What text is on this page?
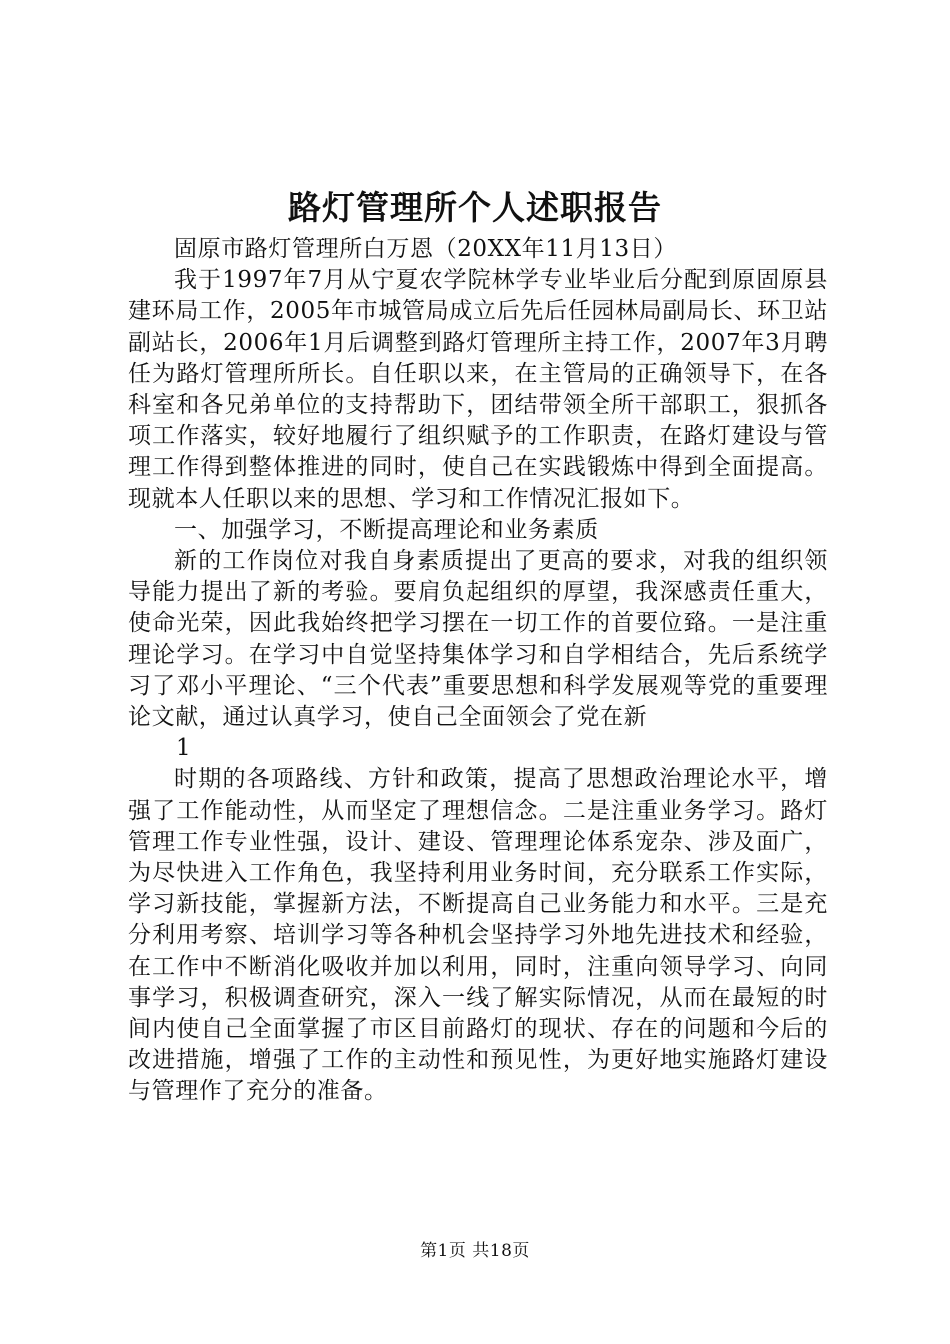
路灯管理所个人述职报告

固原市路灯管理所白万恩（20XX年11月13日）

我于1997年7月从宁夏农学院林学专业毕业后分配到原固原县建环局工作，2005年市城管局成立后先后任园林局副局长、环卫站副站长，2006年1月后调整到路灯管理所主持工作，2007年3月聘任为路灯管理所所长。自任职以来，在主管局的正确领导下，在各科室和各兄弟单位的支持帮助下，团结带领全所干部职工，狠抓各项工作落实，较好地履行了组织赋予的工作职责，在路灯建设与管理工作得到整体推进的同时，使自己在实践锻炼中得到全面提高。现就本人任职以来的思想、学习和工作情况汇报如下。

一、加强学习，不断提高理论和业务素质

新的工作岗位对我自身素质提出了更高的要求，对我的组织领导能力提出了新的考验。要肩负起组织的厚望，我深感责任重大，使命光荣，因此我始终把学习摆在一切工作的首要位臵。一是注重理论学习。在学习中自觉坚持集体学习和自学相结合，先后系统学习了邓小平理论、“三个代表”重要思想和科学发展观等党的重要理论文献，通过认真学习，使自己全面领会了党在新

1

时期的各项路线、方针和政策，提高了思想政治理论水平，增强了工作能动性，从而坚定了理想信念。二是注重业务学习。路灯管理工作专业性强，设计、建设、管理理论体系宠杂、涉及面广，为尽快进入工作角色，我坚持利用业务时间，充分联系工作实际，学习新技能，掌握新方法，不断提高自己业务能力和水平。三是充分利用考察、培训学习等各种机会坚持学习外地先进技术和经验，在工作中不断消化吸收并加以利用，同时，注重向领导学习、向同事学习，积极调查研究，深入一线了解实际情况，从而在最短的时间内使自己全面掌握了市区目前路灯的现状、存在的问题和今后的改进措施，增强了工作的主动性和预见性，为更好地实施路灯建设与管理作了充分的准备。

第1页 共18页
